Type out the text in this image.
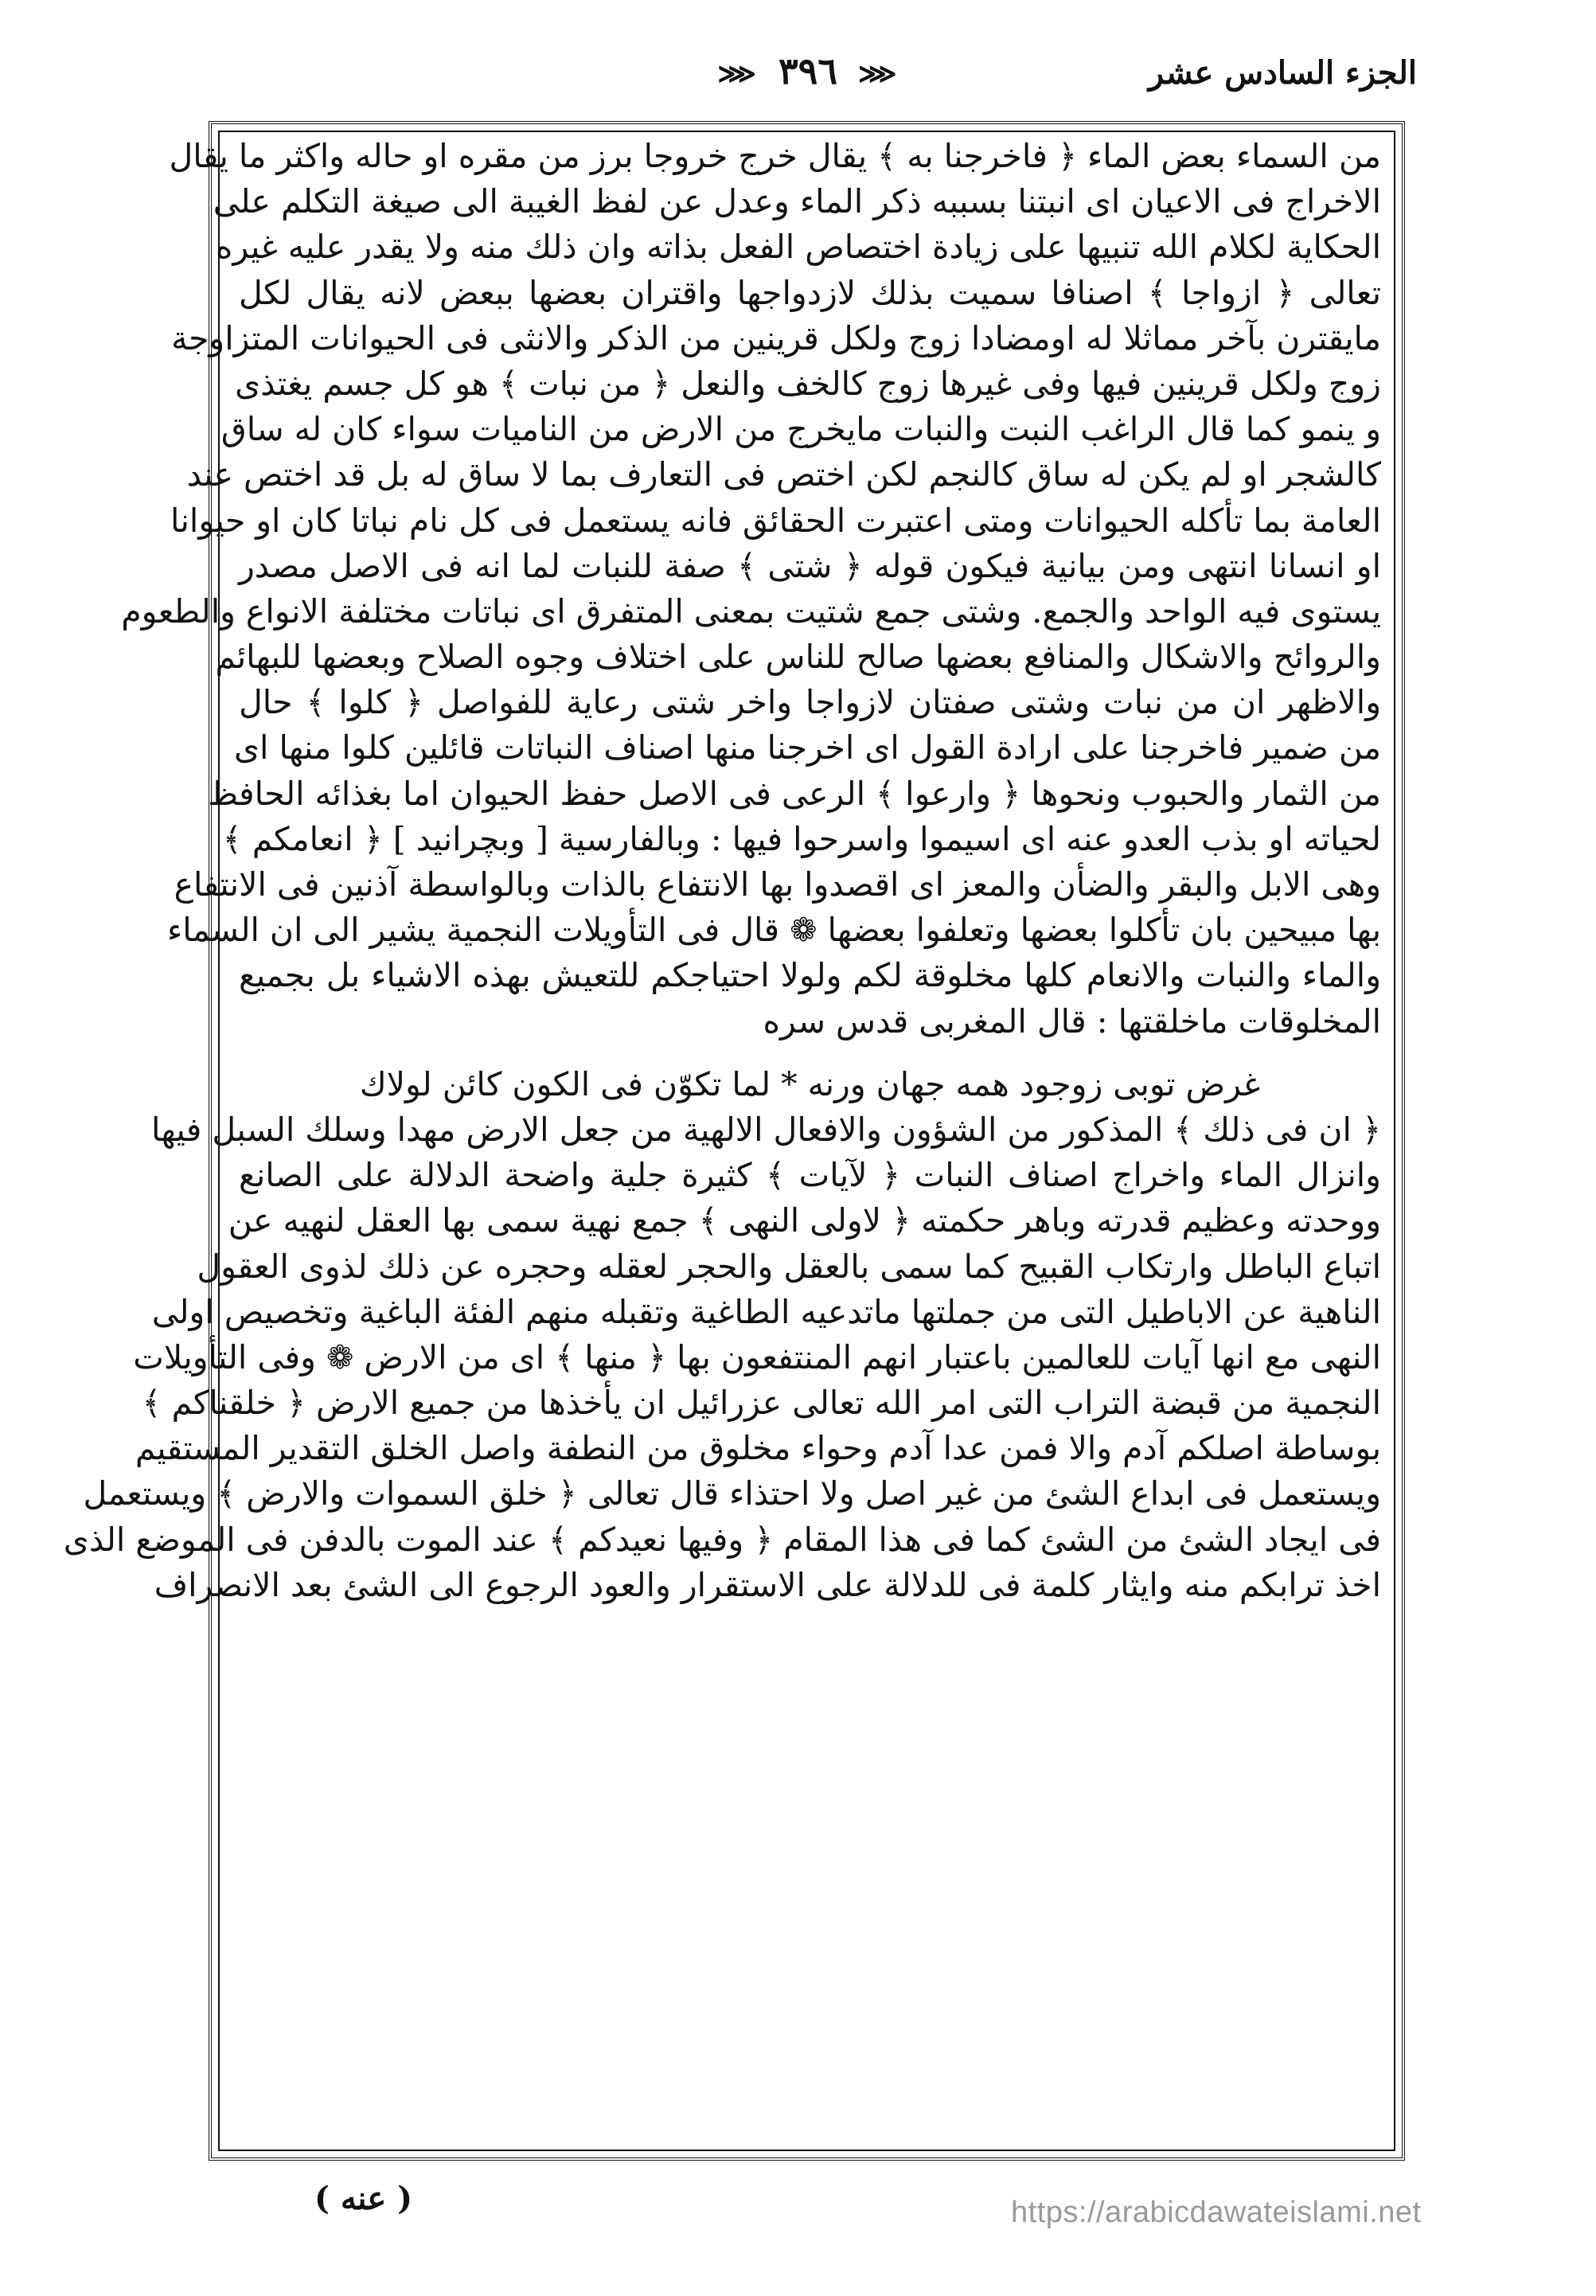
الجزء السادس عشر
⋘ ٣٩٦ ⋘
من السماء بعض الماء ﴿ فاخرجنا به ﴾ يقال خرج خروجا برز من مقره او حاله واكثر ما يقال
الاخراج فى الاعيان اى انبتنا بسببه ذكر الماء وعدل عن لفظ الغيبة الى صيغة التكلم على
الحكاية لكلام الله تنبيها على زيادة اختصاص الفعل بذاته وان ذلك منه ولا يقدر عليه غيره
تعالى ﴿ ازواجا ﴾ اصنافا سميت بذلك لازدواجها واقتران بعضها ببعض لانه يقال لكل
مايقترن بآخر مماثلا له اومضادا زوج ولكل قرينين من الذكر والانثى فى الحيوانات المتزاوجة
زوج ولكل قرينين فيها وفى غيرها زوج كالخف والنعل ﴿ من نبات ﴾ هو كل جسم يغتذى
و ينمو كما قال الراغب النبت والنبات مايخرج من الارض من الناميات سواء كان له ساق
كالشجر او لم يكن له ساق كالنجم لكن اختص فى التعارف بما لا ساق له بل قد اختص عند
العامة بما تأكله الحيوانات ومتى اعتبرت الحقائق فانه يستعمل فى كل نام نباتا كان او حيوانا
او انسانا انتهى ومن بيانية فيكون قوله ﴿ شتى ﴾ صفة للنبات لما انه فى الاصل مصدر
يستوى فيه الواحد والجمع. وشتى جمع شتيت بمعنى المتفرق اى نباتات مختلفة الانواع والطعوم
والروائح والاشكال والمنافع بعضها صالح للناس على اختلاف وجوه الصلاح وبعضها للبهائم
والاظهر ان من نبات وشتى صفتان لازواجا واخر شتى رعاية للفواصل ﴿ كلوا ﴾ حال
من ضمير فاخرجنا على ارادة القول اى اخرجنا منها اصناف النباتات قائلين كلوا منها اى
من الثمار والحبوب ونحوها ﴿ وارعوا ﴾ الرعى فى الاصل حفظ الحيوان اما بغذائه الحافظ
لحياته او بذب العدو عنه اى اسيموا واسرحوا فيها : وبالفارسية [ وبچرانيد ] ﴿ انعامكم ﴾
وهى الابل والبقر والضأن والمعز اى اقصدوا بها الانتفاع بالذات وبالواسطة آذنين فى الانتفاع
بها مبيحين بان تأكلوا بعضها وتعلفوا بعضها ❁ قال فى التأويلات النجمية يشير الى ان السماء
والماء والنبات والانعام كلها مخلوقة لكم ولولا احتياجكم للتعيش بهذه الاشياء بل بجميع
المخلوقات ماخلقتها : قال المغربى قدس سره
غرض توبى زوجود همه جهان ورنه * لما تكوّن فى الكون كائن لولاك
﴿ ان فى ذلك ﴾ المذكور من الشؤون والافعال الالهية من جعل الارض مهدا وسلك السبل فيها
وانزال الماء واخراج اصناف النبات ﴿ لآيات ﴾ كثيرة جلية واضحة الدلالة على الصانع
ووحدته وعظيم قدرته وباهر حكمته ﴿ لاولى النهى ﴾ جمع نهية سمى بها العقل لنهيه عن
اتباع الباطل وارتكاب القبيح كما سمى بالعقل والحجر لعقله وحجره عن ذلك لذوى العقول
الناهية عن الاباطيل التى من جملتها ماتدعيه الطاغية وتقبله منهم الفئة الباغية وتخصيص اولى
النهى مع انها آيات للعالمين باعتبار انهم المنتفعون بها ﴿ منها ﴾ اى من الارض ❁ وفى التأويلات
النجمية من قبضة التراب التى امر الله تعالى عزرائيل ان يأخذها من جميع الارض ﴿ خلقناكم ﴾
بوساطة اصلكم آدم والا فمن عدا آدم وحواء مخلوق من النطفة واصل الخلق التقدير المستقيم
ويستعمل فى ابداع الشئ من غير اصل ولا احتذاء قال تعالى ﴿ خلق السموات والارض ﴾ ويستعمل
فى ايجاد الشئ من الشئ كما فى هذا المقام ﴿ وفيها نعيدكم ﴾ عند الموت بالدفن فى الموضع الذى
اخذ ترابكم منه وايثار كلمة فى للدلالة على الاستقرار والعود الرجوع الى الشئ بعد الانصراف
( عنه )	https://arabicdawateislami.net
